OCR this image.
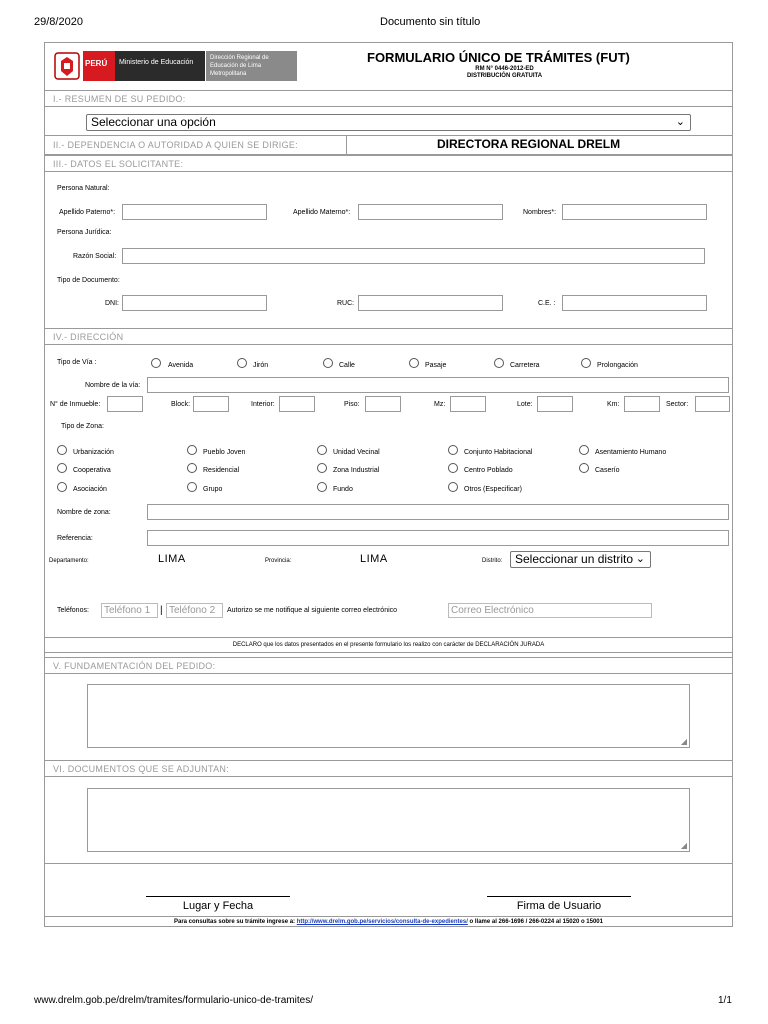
29/8/2020	Documento sin título
PERÚ	Ministerio de Educación
Dirección Regional de Educación de Lima Metropolitana
FORMULARIO ÚNICO DE TRÁMITES (FUT)
RM N° 0446-2012-ED
DISTRIBUCIÓN GRATUITA
I.- RESUMEN DE SU PEDIDO:
Seleccionar una opción	⌄
II.- DEPENDENCIA O AUTORIDAD A QUIEN SE DIRIGE:	DIRECTORA REGIONAL DRELM
III.- DATOS EL SOLICITANTE:
Persona Natural:
Apellido Paterno*:	Apellido Materno*:	Nombres*:
Persona Jurídica:
Razón Social:
Tipo de Documento:
DNI:	RUC:	C.E. :
IV.- DIRECCIÓN
Tipo de Vía :	Avenida	Jirón	Calle	Pasaje	Carretera	Prolongación
Nombre de la vía:
N° de Inmueble:	Block:	Interior:	Piso:	Mz:	Lote:	Km:	Sector:
Tipo de Zona:
Urbanización	Pueblo Joven	Unidad Vecinal	Conjunto Habitacional	Asentamiento Humano
Cooperativa	Residencial	Zona Industrial	Centro Poblado	Caserío
Asociación	Grupo	Fundo	Otros (Especificar)
Nombre de zona:
Referencia:
Departamento:	LIMA	Provincia:	LIMA	Distrito:	Seleccionar un distrito ⌄
Teléfonos:	Teléfono 1 | Teléfono 2	Autorizo se me notifique al siguiente correo electrónico	Correo Electrónico
DECLARO que los datos presentados en el presente formulario los realizo con carácter de DECLARACIÓN JURADA
V. FUNDAMENTACIÓN DEL PEDIDO:
◢
VI. DOCUMENTOS QUE SE ADJUNTAN:
◢
Lugar y Fecha	Firma de Usuario
Para consultas sobre su trámite ingrese a: http://www.drelm.gob.pe/servicios/consulta-de-expedientes/ o llame al 266-1696 / 266-0224 al 15020 o 15001
www.drelm.gob.pe/drelm/tramites/formulario-unico-de-tramites/	1/1
